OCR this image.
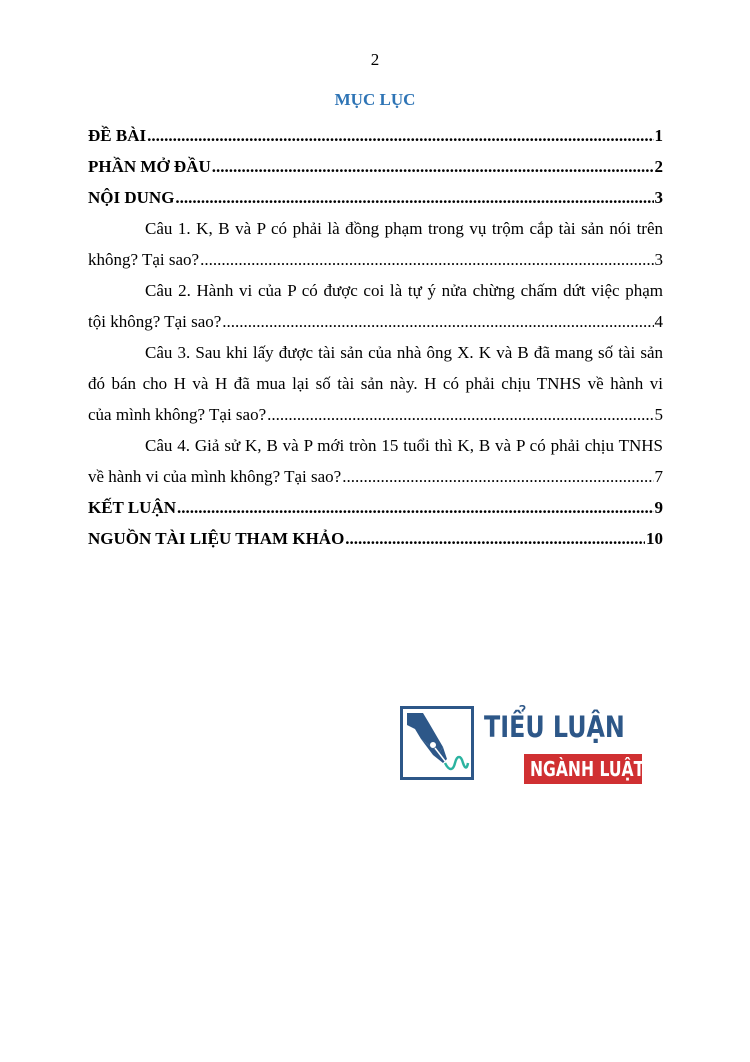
2
MỤC LỤC
ĐỀ BÀI .....	1
PHẦN MỞ ĐẦU .....	2
NỘI DUNG .....	3
Câu 1. K, B và P có phải là đồng phạm trong vụ trộm cắp tài sản nói trên
không? Tại sao? .....	3
Câu 2. Hành vi của P có được coi là tự ý nửa chừng chấm dứt việc phạm
tội không? Tại sao? .....	4
Câu 3. Sau khi lấy được tài sản của nhà ông X. K và B đã mang số tài sản
đó bán cho H và H đã mua lại số tài sản này. H có phải chịu TNHS về hành vi
của mình không? Tại sao? .....	5
Câu 4. Giả sử K, B và P mới tròn 15 tuổi thì K, B và P có phải chịu TNHS
về hành vi của mình không? Tại sao? .....	7
KẾT LUẬN .....	9
NGUỒN TÀI LIỆU THAM KHẢO .....	10
TIỂU LUẬN
NGÀNH LUẬT
